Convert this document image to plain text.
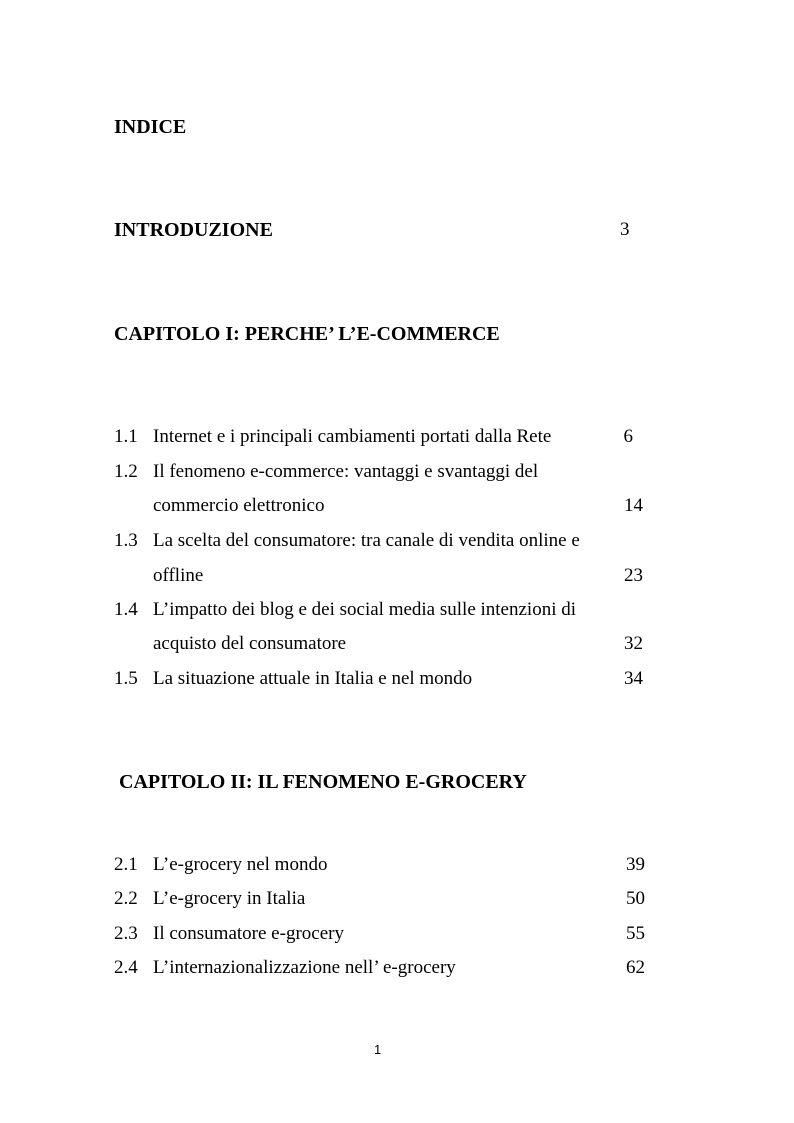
INDICE
INTRODUZIONE	3
CAPITOLO I: PERCHE’ L’E-COMMERCE
1.1 Internet e i principali cambiamenti portati dalla Rete	6
1.2 Il fenomeno e-commerce: vantaggi e svantaggi del
commercio elettronico	14
1.3 La scelta del consumatore: tra canale di vendita online e
offline	23
1.4 L’impatto dei blog e dei social media sulle intenzioni di
acquisto del consumatore	32
1.5 La situazione attuale in Italia e nel mondo	34
CAPITOLO II: IL FENOMENO E-GROCERY
2.1 L’e-grocery nel mondo	39
2.2 L’e-grocery in Italia	50
2.3 Il consumatore e-grocery	55
2.4 L’internazionalizzazione nell’ e-grocery	62
1
